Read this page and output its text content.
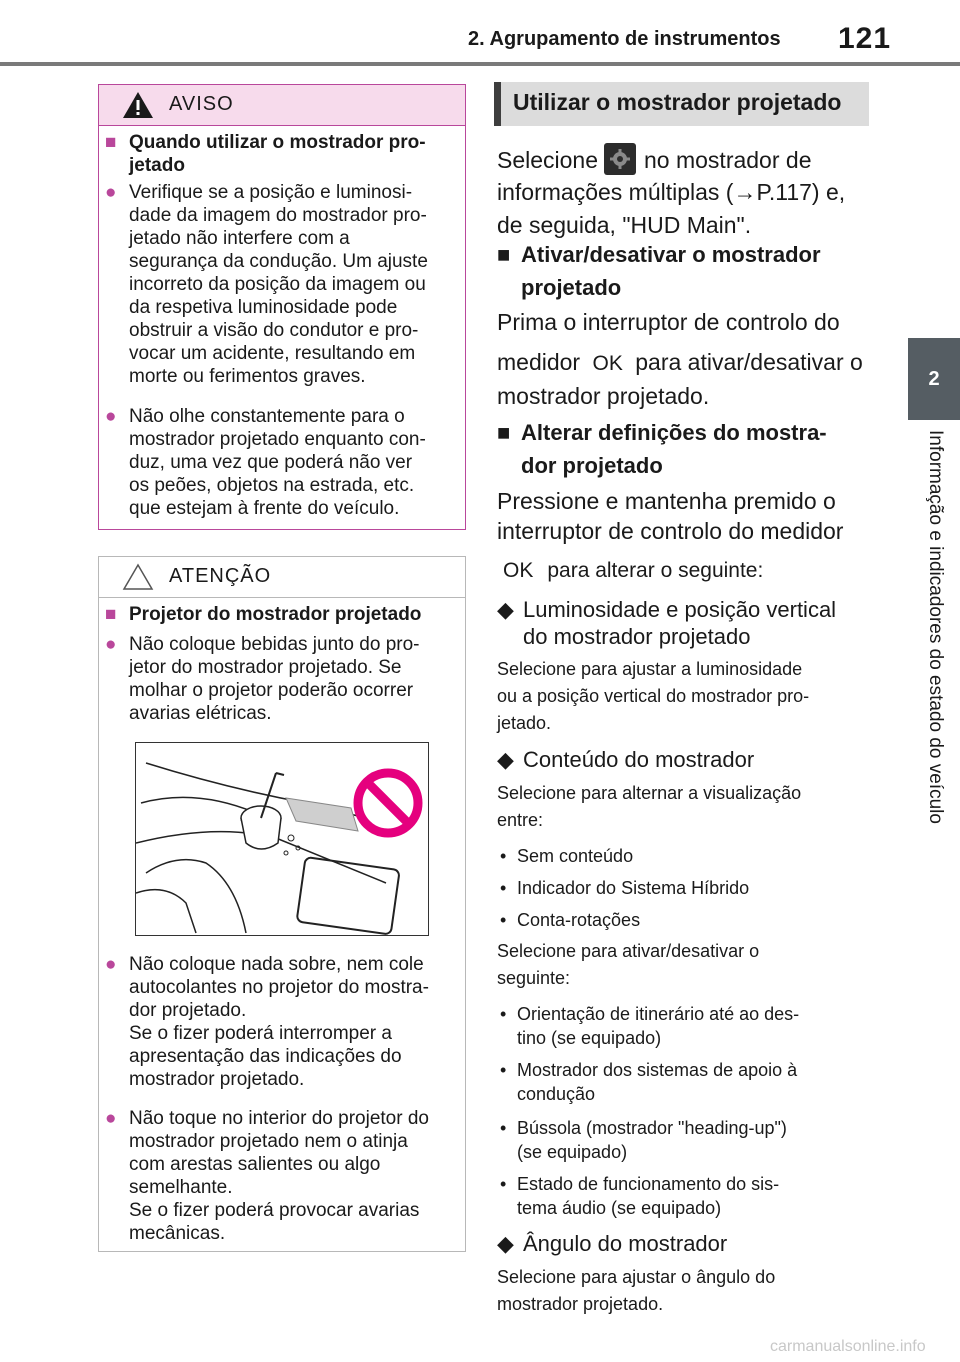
2. Agrupamento de instrumentos 121
2
Informação e indicadores do estado do veículo
AVISO
■ Quando utilizar o mostrador pro-
jetado
● Verifique se a posição e luminosi-
dade da imagem do mostrador pro-
jetado não interfere com a
segurança da condução. Um ajuste
incorreto da posição da imagem ou
da respetiva luminosidade pode
obstruir a visão do condutor e pro-
vocar um acidente, resultando em
morte ou ferimentos graves.
● Não olhe constantemente para o
mostrador projetado enquanto con-
duz, uma vez que poderá não ver
os peões, objetos na estrada, etc.
que estejam à frente do veículo.
ATENÇÃO
■ Projetor do mostrador projetado
● Não coloque bebidas junto do pro-
jetor do mostrador projetado. Se
molhar o projetor poderão ocorrer
avarias elétricas.
● Não coloque nada sobre, nem cole
autocolantes no projetor do mostra-
dor projetado.
Se o fizer poderá interromper a
apresentação das indicações do
mostrador projetado.
● Não toque no interior do projetor do
mostrador projetado nem o atinja
com arestas salientes ou algo
semelhante.
Se o fizer poderá provocar avarias
mecânicas.
Utilizar o mostrador projetado
Selecione	no mostrador de
informações múltiplas (→P.117) e,
de seguida, "HUD Main".
■ Ativar/desativar o mostrador
projetado
Prima o interruptor de controlo do
medidor OK para ativar/desativar o
mostrador projetado.
■ Alterar definições do mostra-
dor projetado
Pressione e mantenha premido o
interruptor de controlo do medidor
OK para alterar o seguinte:
◆ Luminosidade e posição vertical
do mostrador projetado
Selecione para ajustar a luminosidade
ou a posição vertical do mostrador pro-
jetado.
◆ Conteúdo do mostrador
Selecione para alternar a visualização
entre:
• Sem conteúdo
• Indicador do Sistema Híbrido
• Conta-rotações
Selecione para ativar/desativar o
seguinte:
• Orientação de itinerário até ao des-
tino (se equipado)
• Mostrador dos sistemas de apoio à
condução
• Bússola (mostrador "heading-up")
(se equipado)
• Estado de funcionamento do sis-
tema áudio (se equipado)
◆ Ângulo do mostrador
Selecione para ajustar o ângulo do
mostrador projetado.
carmanualsonline.info
